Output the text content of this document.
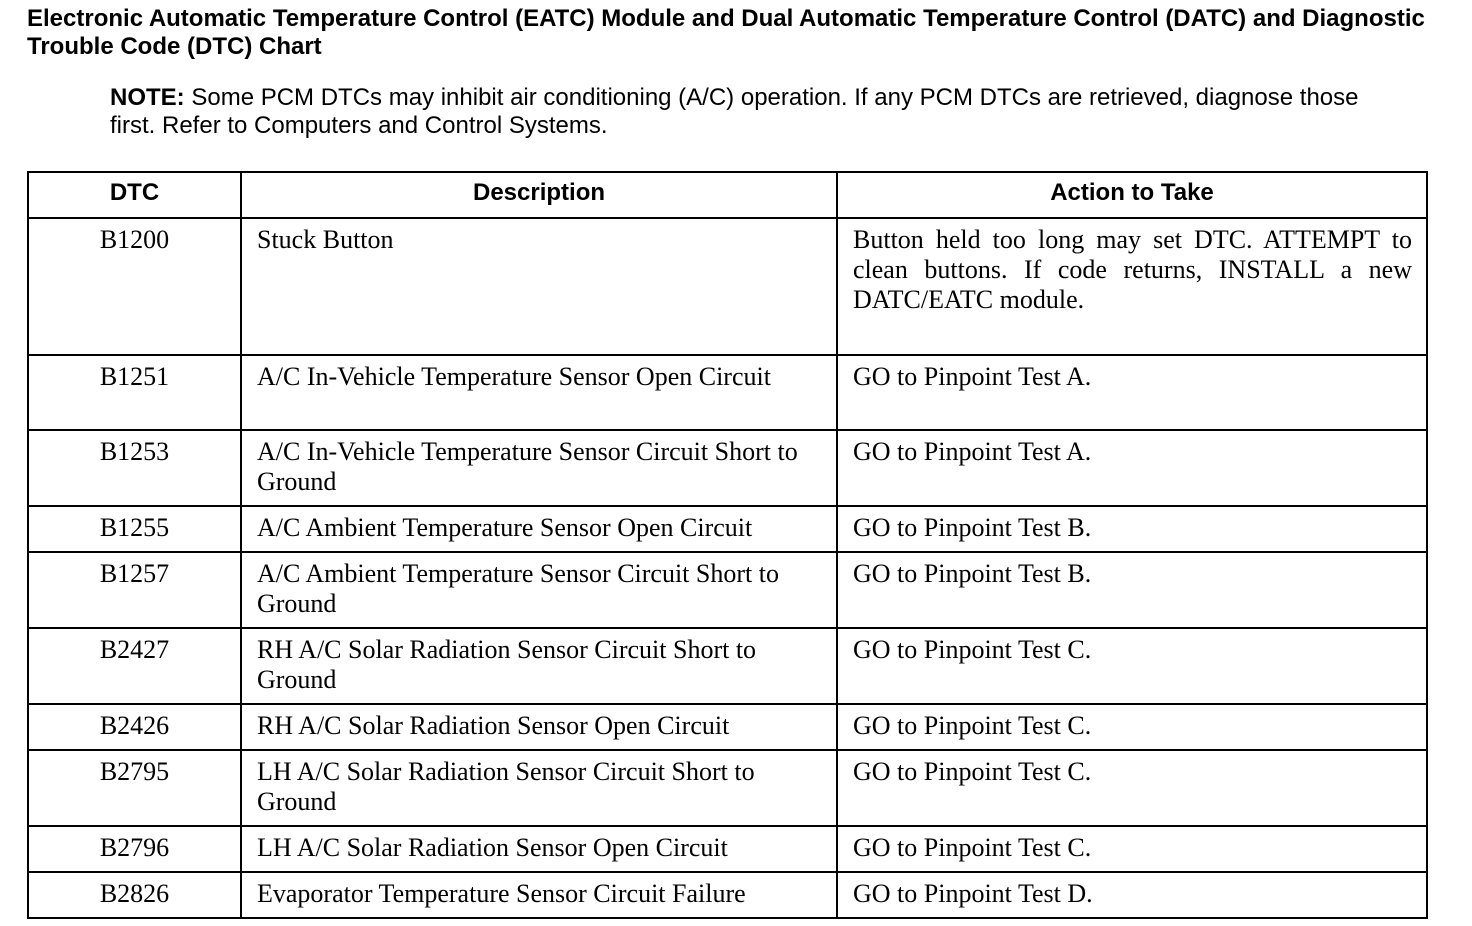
Electronic Automatic Temperature Control (EATC) Module and Dual Automatic Temperature Control (DATC) and Diagnostic Trouble Code (DTC) Chart

NOTE: Some PCM DTCs may inhibit air conditioning (A/C) operation. If any PCM DTCs are retrieved, diagnose those first. Refer to Computers and Control Systems.

DTC	Description	Action to Take
B1200	Stuck Button	Button held too long may set DTC. ATTEMPT to clean buttons. If code returns, INSTALL a new DATC/EATC module.
B1251	A/C In-Vehicle Temperature Sensor Open Circuit	GO to Pinpoint Test A.
B1253	A/C In-Vehicle Temperature Sensor Circuit Short to Ground	GO to Pinpoint Test A.
B1255	A/C Ambient Temperature Sensor Open Circuit	GO to Pinpoint Test B.
B1257	A/C Ambient Temperature Sensor Circuit Short to Ground	GO to Pinpoint Test B.
B2427	RH A/C Solar Radiation Sensor Circuit Short to Ground	GO to Pinpoint Test C.
B2426	RH A/C Solar Radiation Sensor Open Circuit	GO to Pinpoint Test C.
B2795	LH A/C Solar Radiation Sensor Circuit Short to Ground	GO to Pinpoint Test C.
B2796	LH A/C Solar Radiation Sensor Open Circuit	GO to Pinpoint Test C.
B2826	Evaporator Temperature Sensor Circuit Failure	GO to Pinpoint Test D.
